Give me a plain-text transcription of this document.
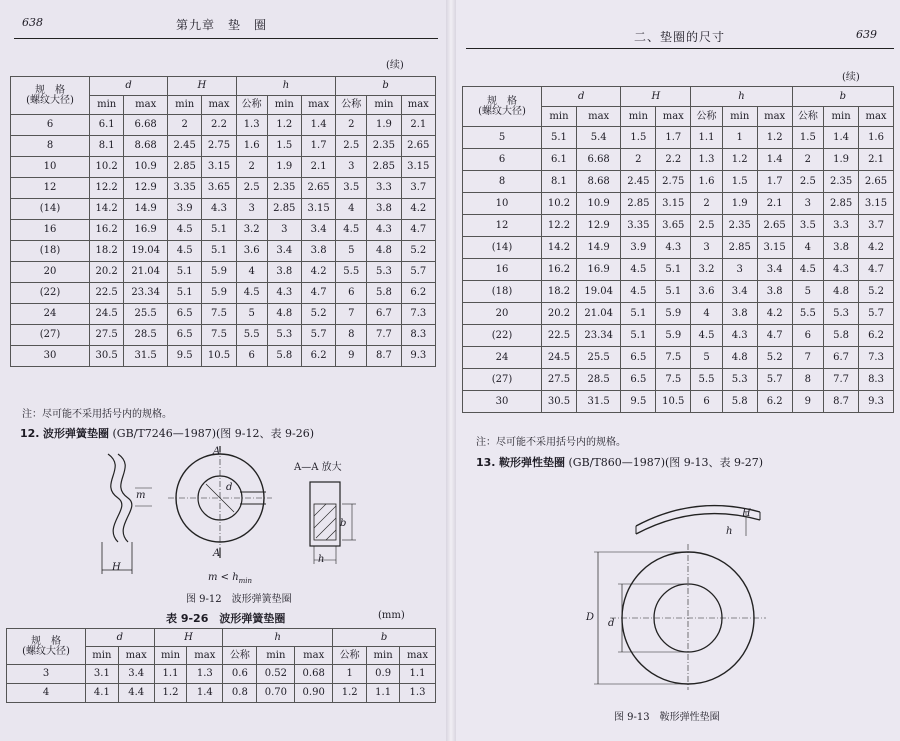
638	第九章　垫　圈
(续)
规　格
(螺纹大径)	d		H		h			b		
	min	max	min	max	公称	min	max	公称	min	max
6	6.1	6.68	2	2.2	1.3	1.2	1.4	2	1.9	2.1
8	8.1	8.68	2.45	2.75	1.6	1.5	1.7	2.5	2.35	2.65
10	10.2	10.9	2.85	3.15	2	1.9	2.1	3	2.85	3.15
12	12.2	12.9	3.35	3.65	2.5	2.35	2.65	3.5	3.3	3.7
(14)	14.2	14.9	3.9	4.3	3	2.85	3.15	4	3.8	4.2
16	16.2	16.9	4.5	5.1	3.2	3	3.4	4.5	4.3	4.7
(18)	18.2	19.04	4.5	5.1	3.6	3.4	3.8	5	4.8	5.2
20	20.2	21.04	5.1	5.9	4	3.8	4.2	5.5	5.3	5.7
(22)	22.5	23.34	5.1	5.9	4.5	4.3	4.7	6	5.8	6.2
24	24.5	25.5	6.5	7.5	5	4.8	5.2	7	6.7	7.3
(27)	27.5	28.5	6.5	7.5	5.5	5.3	5.7	8	7.7	8.3
30	30.5	31.5	9.5	10.5	6	5.8	6.2	9	8.7	9.3
注：尽可能不采用括号内的规格。
12. 波形弹簧垫圈 (GB/T7246—1987)(图 9-12、表 9-26)
A—A 放大
A
A
d
m
H
b
h
$m < h_{min}$
图 9-12　波形弹簧垫圈
表 9-26　波形弹簧垫圈	(mm)
规　格
(螺纹大径)	d		H		h			b		
	min	max	min	max	公称	min	max	公称	min	max
3	3.1	3.4	1.1	1.3	0.6	0.52	0.68	1	0.9	1.1
4	4.1	4.4	1.2	1.4	0.8	0.70	0.90	1.2	1.1	1.3
二、垫圈的尺寸	639
(续)
规　格
(螺纹大径)	d		H		h			b		
	min	max	min	max	公称	min	max	公称	min	max
5	5.1	5.4	1.5	1.7	1.1	1	1.2	1.5	1.4	1.6
6	6.1	6.68	2	2.2	1.3	1.2	1.4	2	1.9	2.1
8	8.1	8.68	2.45	2.75	1.6	1.5	1.7	2.5	2.35	2.65
10	10.2	10.9	2.85	3.15	2	1.9	2.1	3	2.85	3.15
12	12.2	12.9	3.35	3.65	2.5	2.35	2.65	3.5	3.3	3.7
(14)	14.2	14.9	3.9	4.3	3	2.85	3.15	4	3.8	4.2
16	16.2	16.9	4.5	5.1	3.2	3	3.4	4.5	4.3	4.7
(18)	18.2	19.04	4.5	5.1	3.6	3.4	3.8	5	4.8	5.2
20	20.2	21.04	5.1	5.9	4	3.8	4.2	5.5	5.3	5.7
(22)	22.5	23.34	5.1	5.9	4.5	4.3	4.7	6	5.8	6.2
24	24.5	25.5	6.5	7.5	5	4.8	5.2	7	6.7	7.3
(27)	27.5	28.5	6.5	7.5	5.5	5.3	5.7	8	7.7	8.3
30	30.5	31.5	9.5	10.5	6	5.8	6.2	9	8.7	9.3
注：尽可能不采用括号内的规格。
13. 鞍形弹性垫圈 (GB/T860—1987)(图 9-13、表 9-27)
H
h
D
d
图 9-13　鞍形弹性垫圈
